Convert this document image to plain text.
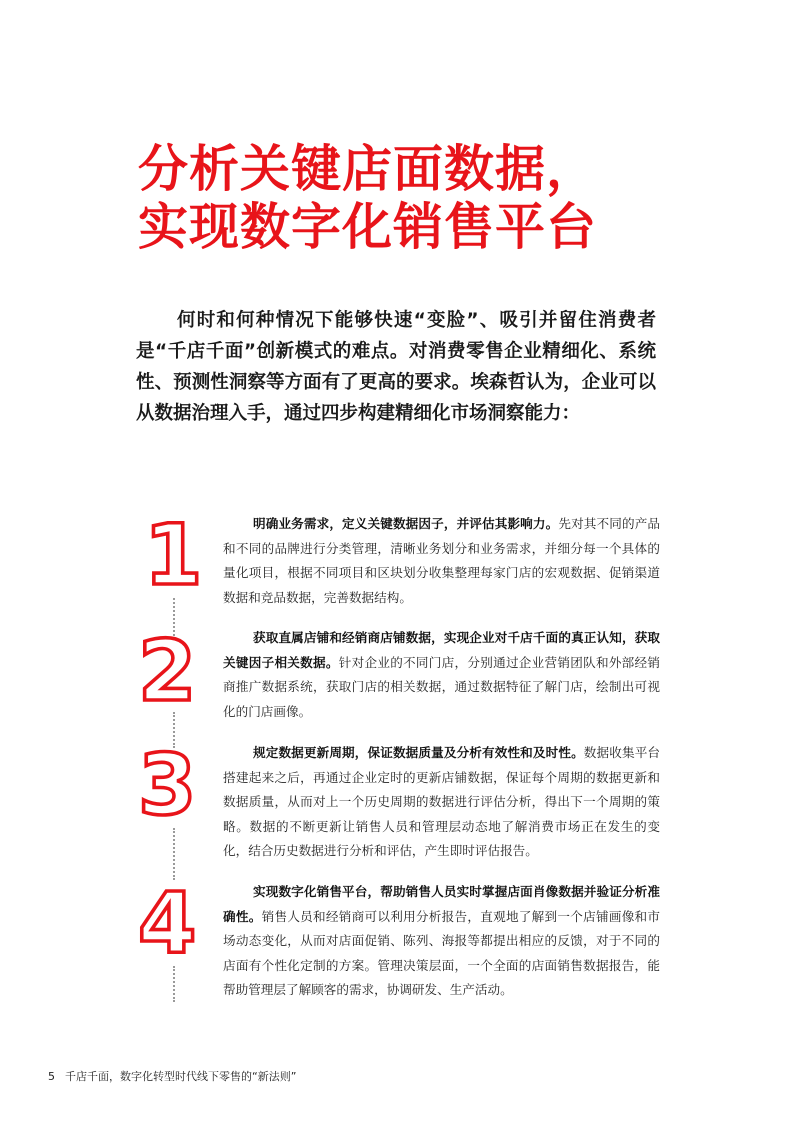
分析关键店面数据，
实现数字化销售平台

何时和何种情况下能够快速“变脸”、吸引并留住消费者是“千店千面”创新模式的难点。对消费零售企业精细化、系统性、预测性洞察等方面有了更高的要求。埃森哲认为，企业可以从数据治理入手，通过四步构建精细化市场洞察能力：

1	明确业务需求，定义关键数据因子，并评估其影响力。先对其不同的产品和不同的品牌进行分类管理，清晰业务划分和业务需求，并细分每一个具体的量化项目，根据不同项目和区块划分收集整理每家门店的宏观数据、促销渠道数据和竞品数据，完善数据结构。

2	获取直属店铺和经销商店铺数据，实现企业对千店千面的真正认知，获取关键因子相关数据。针对企业的不同门店，分别通过企业营销团队和外部经销商推广数据系统，获取门店的相关数据，通过数据特征了解门店，绘制出可视化的门店画像。

3	规定数据更新周期，保证数据质量及分析有效性和及时性。数据收集平台搭建起来之后，再通过企业定时的更新店铺数据，保证每个周期的数据更新和数据质量，从而对上一个历史周期的数据进行评估分析，得出下一个周期的策略。数据的不断更新让销售人员和管理层动态地了解消费市场正在发生的变化，结合历史数据进行分析和评估，产生即时评估报告。

4	实现数字化销售平台，帮助销售人员实时掌握店面肖像数据并验证分析准确性。销售人员和经销商可以利用分析报告，直观地了解到一个店铺画像和市场动态变化，从而对店面促销、陈列、海报等都提出相应的反馈，对于不同的店面有个性化定制的方案。管理决策层面，一个全面的店面销售数据报告，能帮助管理层了解顾客的需求，协调研发、生产活动。

5 千店千面，数字化转型时代线下零售的“新法则”
